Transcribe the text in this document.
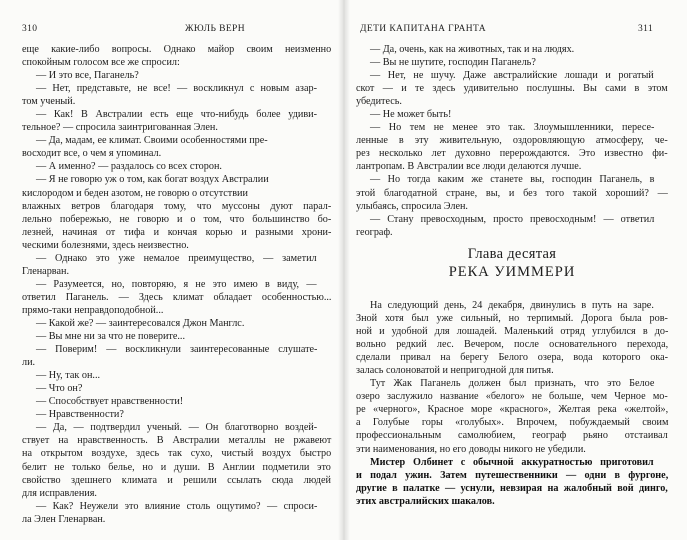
310	ЖЮЛЬ ВЕРН
еще какие-либо вопросы. Однако майор своим неизменно
спокойным голосом все же спросил:
— И это все, Паганель?
— Нет, представьте, не все! — воскликнул с новым азар-
том ученый.
— Как! В Австралии есть еще что-нибудь более удиви-
тельное? — спросила заинтригованная Элен.
— Да, мадам, ее климат. Своими особенностями пре-
восходит все, о чем я упоминал.
— А именно? — раздалось со всех сторон.
— Я не говорю уж о том, как богат воздух Австралии
кислородом и беден азотом, не говорю о отсутствии
влажных ветров благодаря тому, что муссоны дуют парал-
лельно побережью, не говорю и о том, что большинство бо-
лезней, начиная от тифа и кончая корью и разными хрони-
ческими болезнями, здесь неизвестно.
— Однако это уже немалое преимущество, — заметил
Гленарван.
— Разумеется, но, повторяю, я не это имею в виду, —
ответил Паганель. — Здесь климат обладает особенностью...
прямо-таки неправдоподобной...
— Какой же? — заинтересовался Джон Манглс.
— Вы мне ни за что не поверите...
— Поверим! — воскликнули заинтересованные слушате-
ли.
— Ну, так он...
— Что он?
— Способствует нравственности!
— Нравственности?
— Да, — подтвердил ученый. — Он благотворно воздей-
ствует на нравственность. В Австралии металлы не ржавеют
на открытом воздухе, здесь так сухо, чистый воздух быстро
белит не только белье, но и души. В Англии подметили это
свойство здешнего климата и решили ссылать сюда людей
для исправления.
— Как? Неужели это влияние столь ощутимо? — спроси-
ла Элен Гленарван.
ДЕТИ КАПИТАНА ГРАНТА	311
— Да, очень, как на животных, так и на людях.
— Вы не шутите, господин Паганель?
— Нет, не шучу. Даже австралийские лошади и рогатый
скот — и те здесь удивительно послушны. Вы сами в этом
убедитесь.
— Не может быть!
— Но тем не менее это так. Злоумышленники, пересе-
ленные в эту живительную, оздоровляющую атмосферу, че-
рез несколько лет духовно перерождаются. Это известно фи-
лантропам. В Австралии все люди делаются лучше.
— Но тогда каким же станете вы, господин Паганель, в
этой благодатной стране, вы, и без того такой хороший? —
улыбаясь, спросила Элен.
— Стану превосходным, просто превосходным! — ответил
географ.
Глава десятая
РЕКА УИММЕРИ
На следующий день, 24 декабря, двинулись в путь на заре.
Зной хотя был уже сильный, но терпимый. Дорога была ров-
ной и удобной для лошадей. Маленький отряд углубился в до-
вольно редкий лес. Вечером, после основательного перехода,
сделали привал на берегу Белого озера, вода которого ока-
залась солоноватой и непригодной для питья.
Тут Жак Паганель должен был признать, что это Белое
озеро заслужило название «белого» не больше, чем Черное мо-
ре «черного», Красное море «красного», Желтая река «желтой»,
а Голубые горы «голубых». Впрочем, побуждаемый своим
профессиональным самолюбием, географ рьяно отстаивал
эти наименования, но его доводы никого не убедили.
Мистер Олбинет с обычной аккуратностью приготовил
и подал ужин. Затем путешественники — одни в фургоне,
другие в палатке — уснули, невзирая на жалобный вой динго,
этих австралийских шакалов.
